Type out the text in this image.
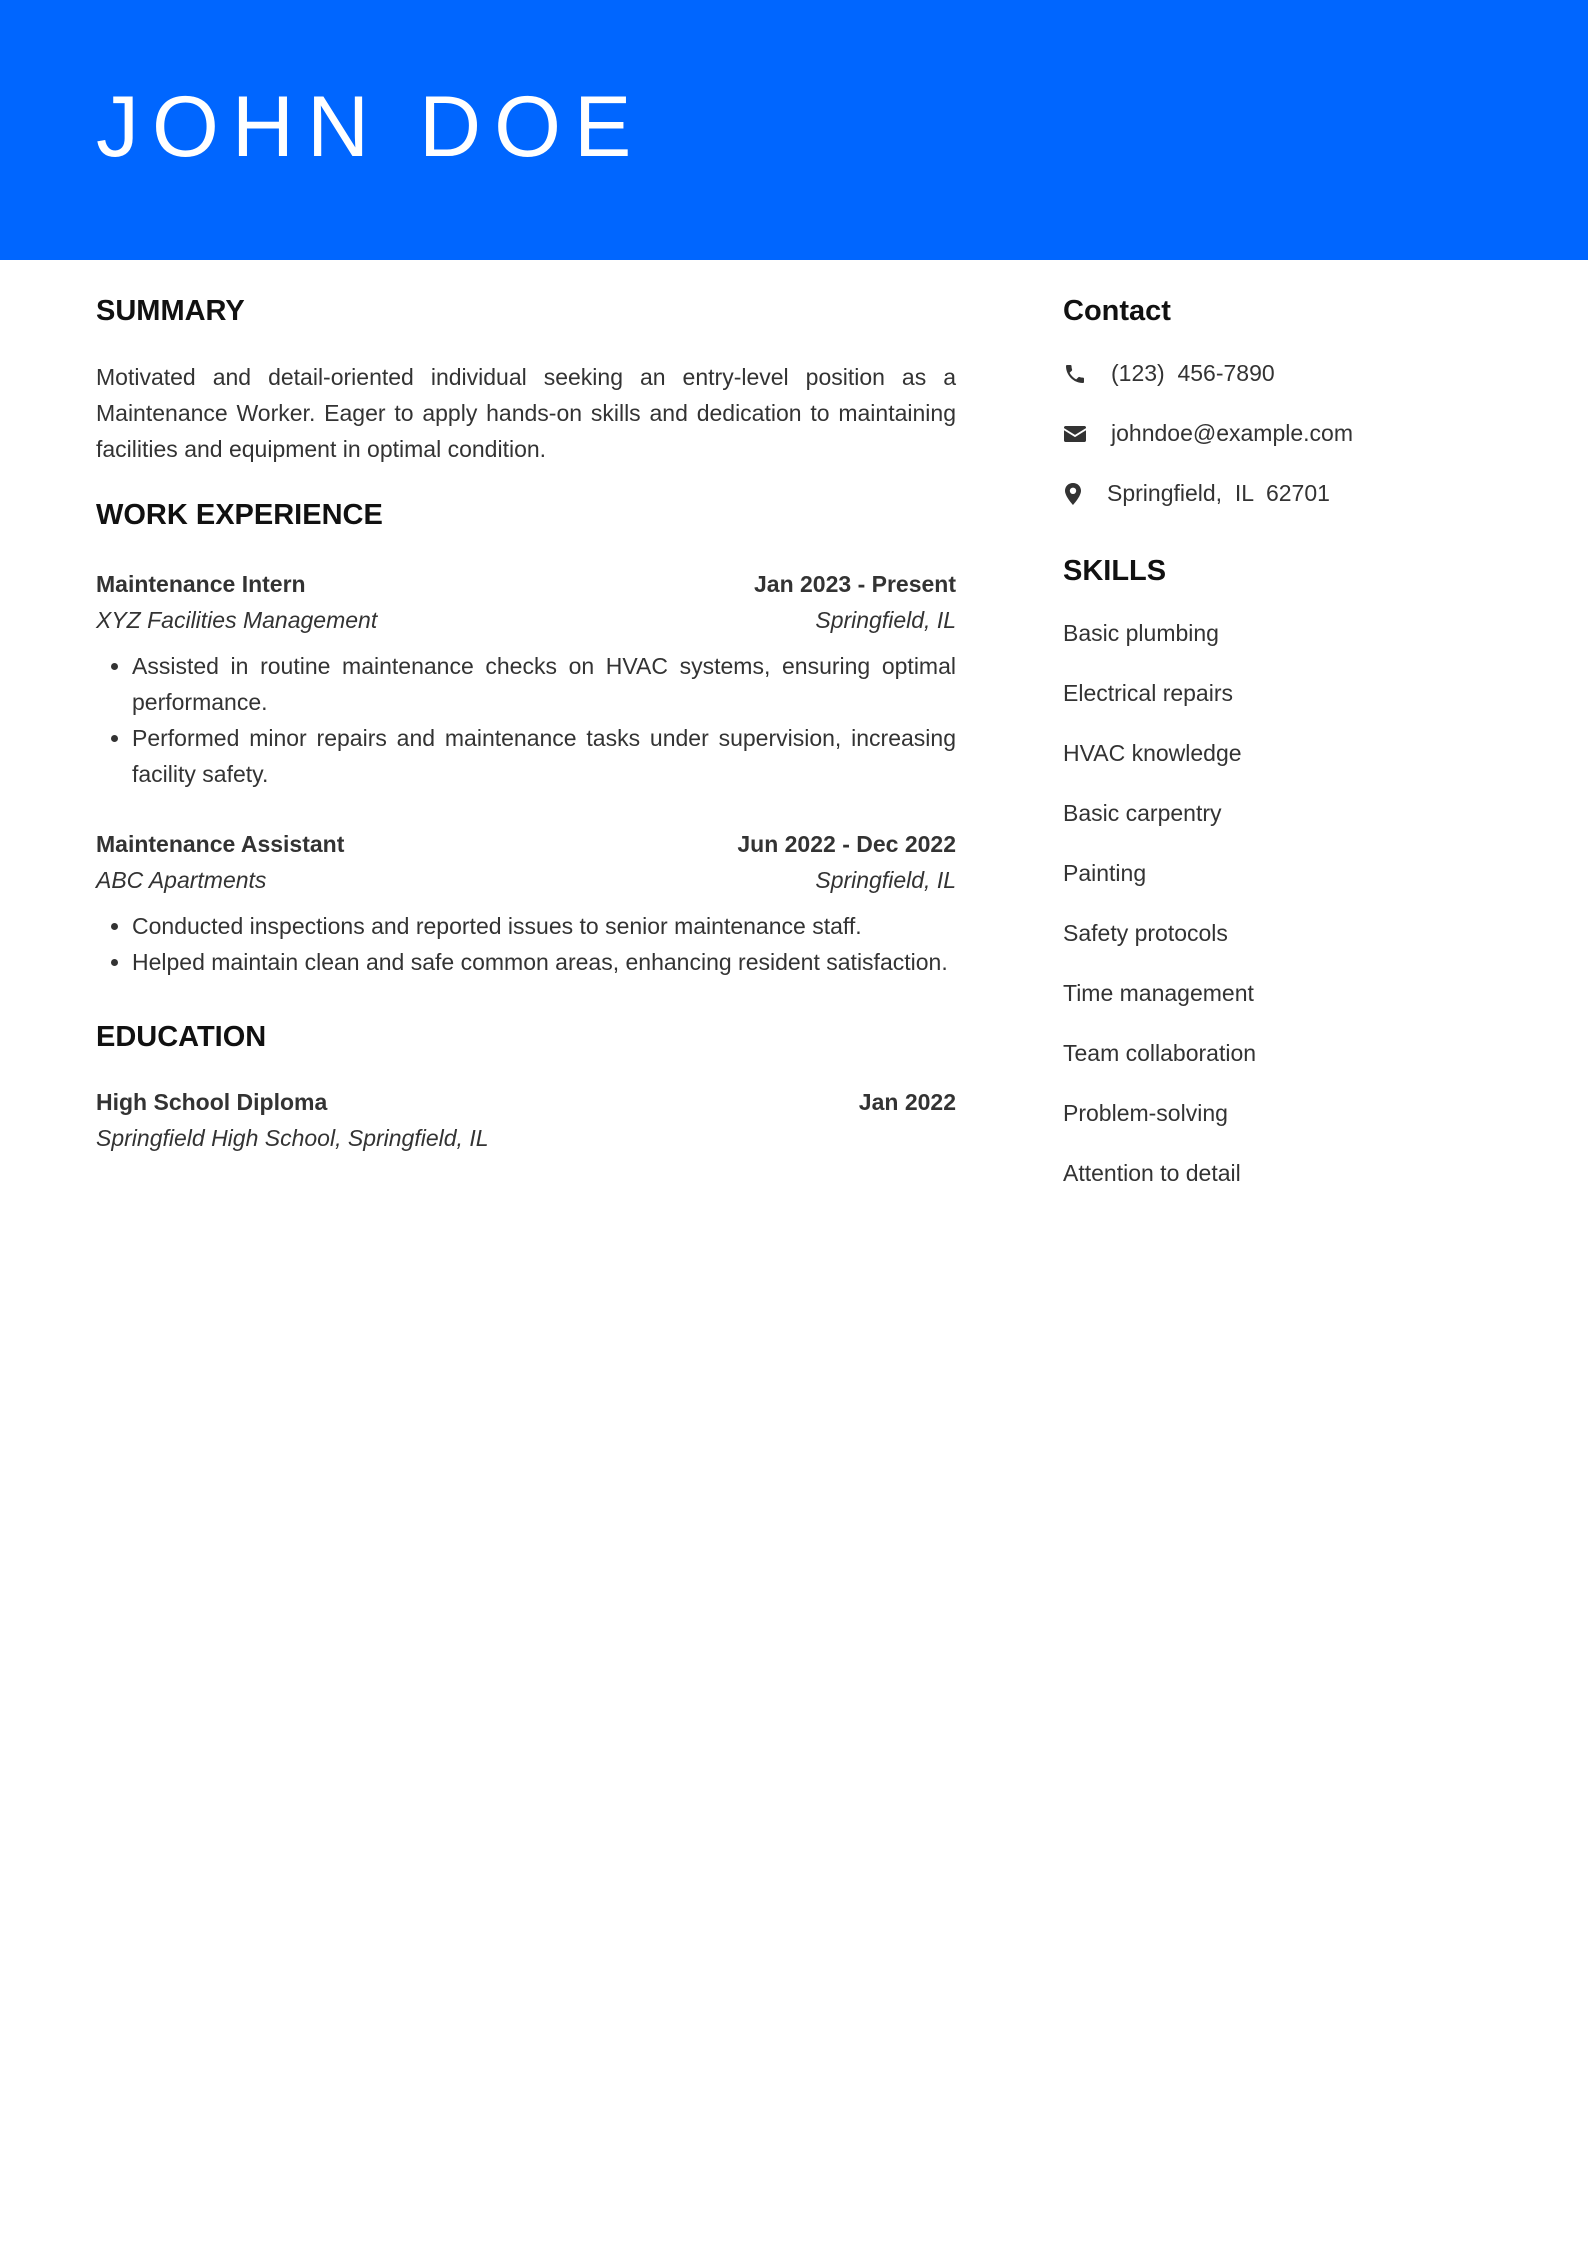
JOHN DOE
SUMMARY
Motivated and detail-oriented individual seeking an entry-level position as a Maintenance Worker. Eager to apply hands-on skills and dedication to maintaining facilities and equipment in optimal condition.
WORK EXPERIENCE
Maintenance Intern	Jan 2023 - Present
XYZ Facilities Management	Springfield, IL
• Assisted in routine maintenance checks on HVAC systems, ensuring optimal performance.
• Performed minor repairs and maintenance tasks under supervision, increasing facility safety.
Maintenance Assistant	Jun 2022 - Dec 2022
ABC Apartments	Springfield, IL
• Conducted inspections and reported issues to senior maintenance staff.
• Helped maintain clean and safe common areas, enhancing resident satisfaction.
EDUCATION
High School Diploma	Jan 2022
Springfield High School, Springfield, IL
Contact
(123)  456-7890
johndoe@example.com
Springfield,  IL  62701
SKILLS
Basic plumbing
Electrical repairs
HVAC knowledge
Basic carpentry
Painting
Safety protocols
Time management
Team collaboration
Problem-solving
Attention to detail
